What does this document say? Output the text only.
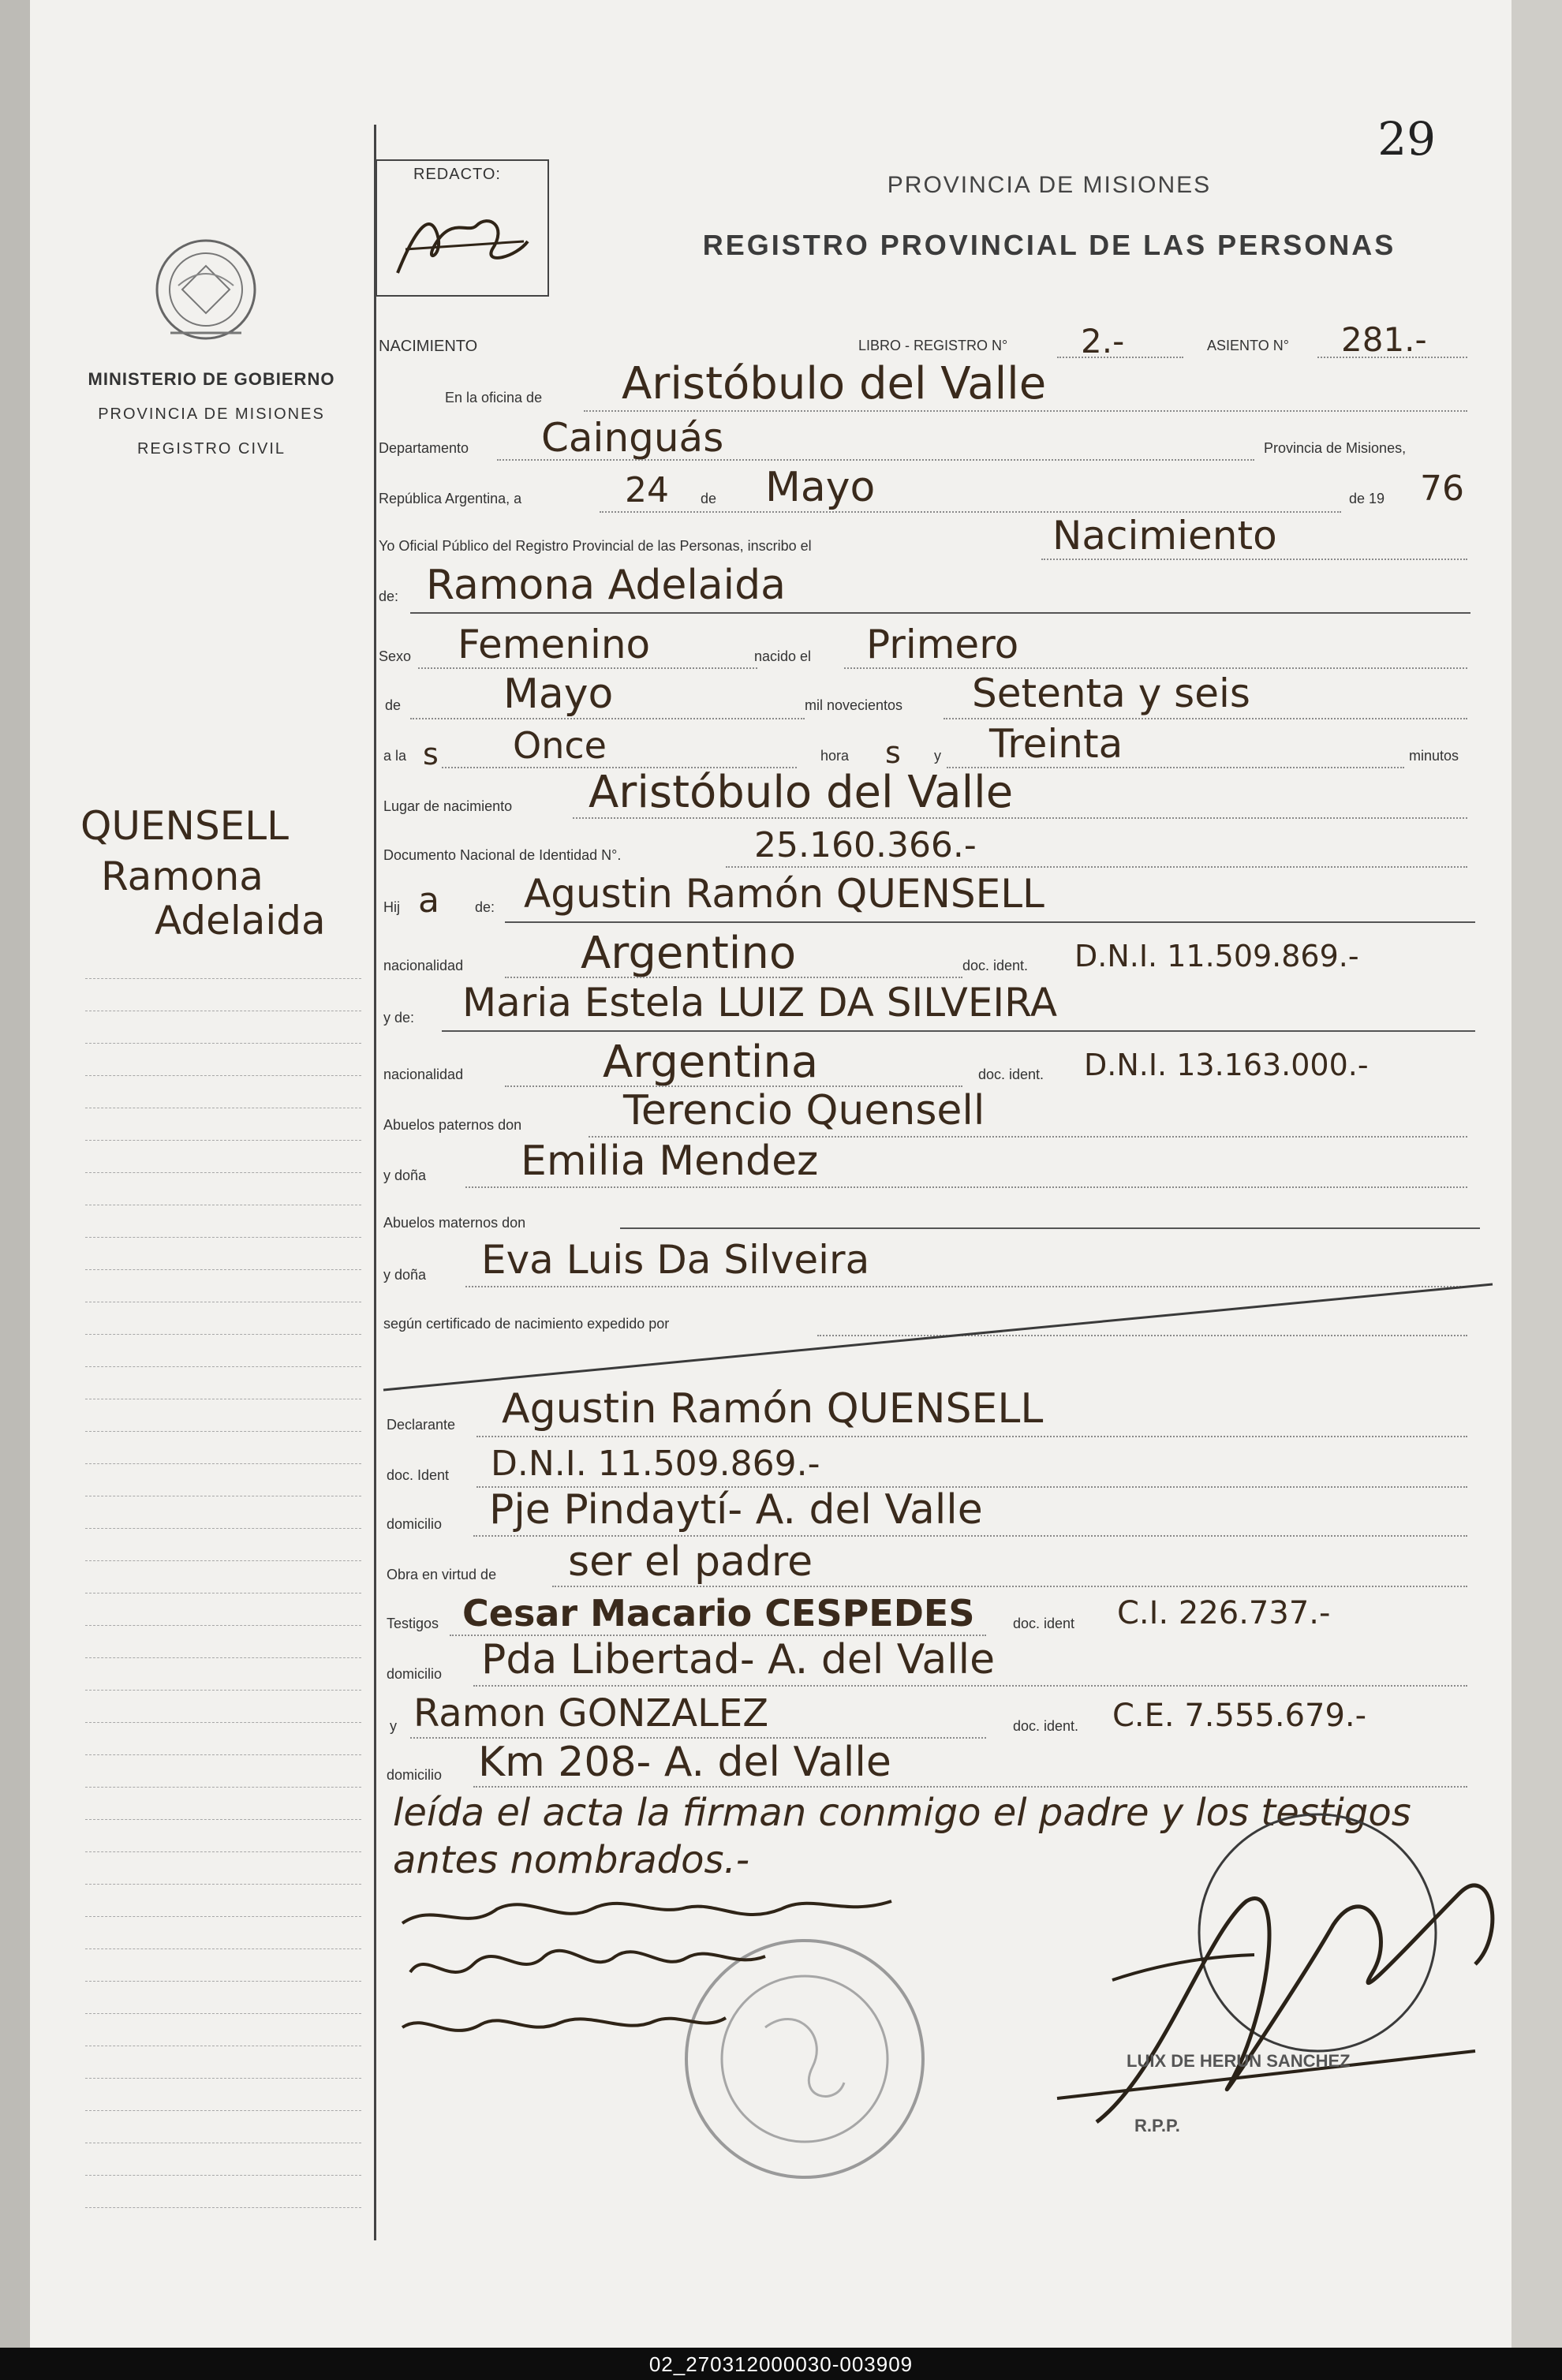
MINISTERIO DE GOBIERNO
PROVINCIA DE MISIONES
REGISTRO CIVIL
QUENSELL
Ramona
Adelaida
29
REDACTO:	PROVINCIA DE MISIONES
REGISTRO PROVINCIAL DE LAS PERSONAS
NACIMIENTO	LIBRO - REGISTRO N° 2.-	ASIENTO N° 281.-
En la oficina de Aristóbulo del Valle
Departamento Cainguás	Provincia de Misiones,
República Argentina, a	24 de Mayo	de 19 76
Yo Oficial Público del Registro Provincial de las Personas, inscribo el	Nacimiento
de: Ramona Adelaida
Sexo Femenino	nacido el Primero
de Mayo	mil novecientos Setenta y seis
a la s Once	hora s y Treinta	minutos
Lugar de nacimiento Aristóbulo del Valle
Documento Nacional de Identidad N°.	25.160.366.-
Hij a	de: Agustin Ramón QUENSELL
nacionalidad	Argentino	doc. ident. D.N.I. 11.509.869.-
y de: Maria Estela LUIZ DA SILVEIRA
nacionalidad	Argentina	doc. ident. D.N.I. 13.163.000.-
Abuelos paternos don Terencio Quensell
y doña Emilia Mendez
Abuelos maternos don
y doña Eva Luis Da Silveira
según certificado de nacimiento expedido por
Declarante Agustin Ramón QUENSELL
doc. Ident D.N.I. 11.509.869.-
domicilio Pje Pindaytí- A. del Valle
Obra en virtud de ser el padre
Testigos Cesar Macario CESPEDES	doc. ident C.I. 226.737.-
domicilio Pda Libertad- A. del Valle
y Ramon GONZALEZ	doc. ident. C.E. 7.555.679.-
domicilio Km 208- A. del Valle
leída el acta la firman conmigo el padre y los testigos
antes nombrados.-
LUIX DE HERUN SANCHEZ
R.P.P.
02_270312000030-003909
